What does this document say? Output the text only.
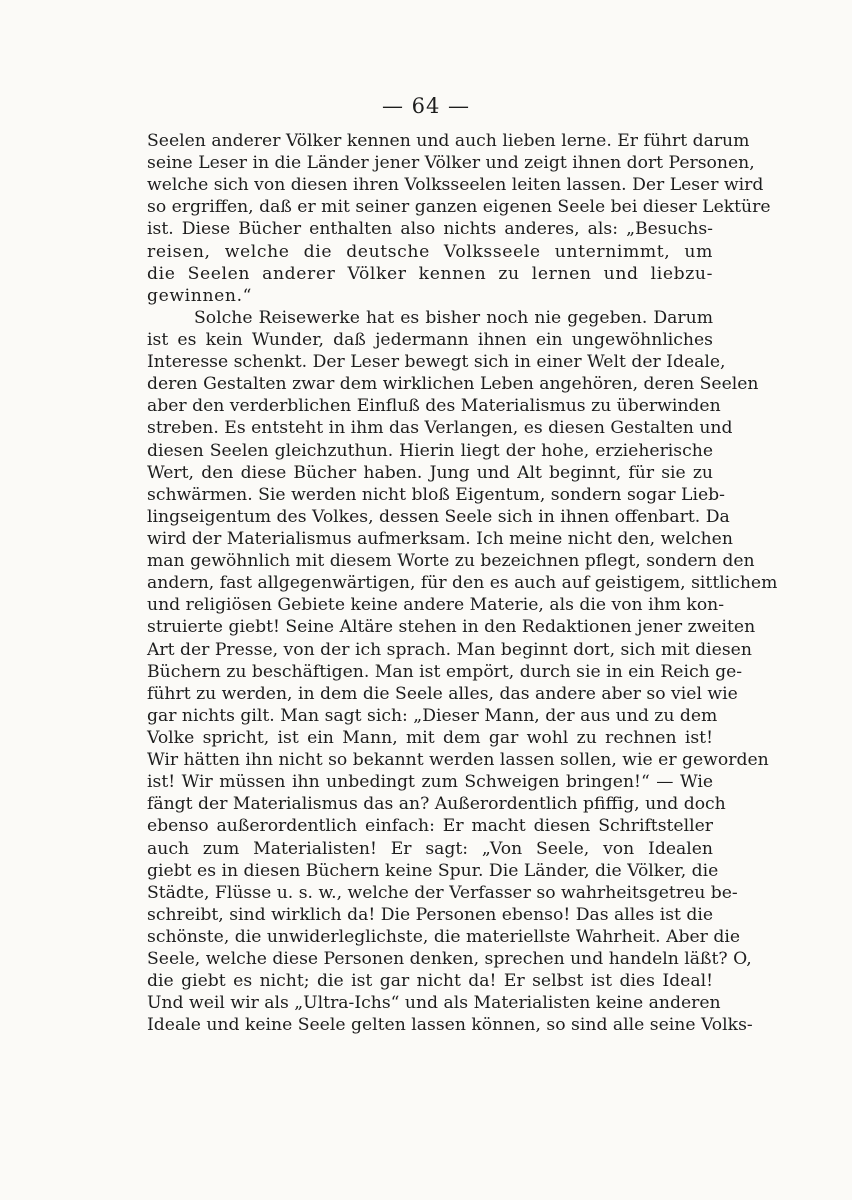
— 64 —
Seelen anderer Völker kennen und auch lieben lerne. Er führt darum
seine Leser in die Länder jener Völker und zeigt ihnen dort Personen,
welche sich von diesen ihren Volksseelen leiten lassen. Der Leser wird
so ergriffen, daß er mit seiner ganzen eigenen Seele bei dieser Lektüre
ist. Diese Bücher enthalten also nichts anderes, als: „Besuchs-
reisen, welche die deutsche Volksseele unternimmt, um
die Seelen anderer Völker kennen zu lernen und liebzu-
gewinnen.“
Solche Reisewerke hat es bisher noch nie gegeben. Darum
ist es kein Wunder, daß jedermann ihnen ein ungewöhnliches
Interesse schenkt. Der Leser bewegt sich in einer Welt der Ideale,
deren Gestalten zwar dem wirklichen Leben angehören, deren Seelen
aber den verderblichen Einfluß des Materialismus zu überwinden
streben. Es entsteht in ihm das Verlangen, es diesen Gestalten und
diesen Seelen gleichzuthun. Hierin liegt der hohe, erzieherische
Wert, den diese Bücher haben. Jung und Alt beginnt, für sie zu
schwärmen. Sie werden nicht bloß Eigentum, sondern sogar Lieb-
lingseigentum des Volkes, dessen Seele sich in ihnen offenbart. Da
wird der Materialismus aufmerksam. Ich meine nicht den, welchen
man gewöhnlich mit diesem Worte zu bezeichnen pflegt, sondern den
andern, fast allgegenwärtigen, für den es auch auf geistigem, sittlichem
und religiösen Gebiete keine andere Materie, als die von ihm kon-
struierte giebt! Seine Altäre stehen in den Redaktionen jener zweiten
Art der Presse, von der ich sprach. Man beginnt dort, sich mit diesen
Büchern zu beschäftigen. Man ist empört, durch sie in ein Reich ge-
führt zu werden, in dem die Seele alles, das andere aber so viel wie
gar nichts gilt. Man sagt sich: „Dieser Mann, der aus und zu dem
Volke spricht, ist ein Mann, mit dem gar wohl zu rechnen ist!
Wir hätten ihn nicht so bekannt werden lassen sollen, wie er geworden
ist! Wir müssen ihn unbedingt zum Schweigen bringen!“ — Wie
fängt der Materialismus das an? Außerordentlich pfiffig, und doch
ebenso außerordentlich einfach: Er macht diesen Schriftsteller
auch zum Materialisten! Er sagt: „Von Seele, von Idealen
giebt es in diesen Büchern keine Spur. Die Länder, die Völker, die
Städte, Flüsse u. s. w., welche der Verfasser so wahrheitsgetreu be-
schreibt, sind wirklich da! Die Personen ebenso! Das alles ist die
schönste, die unwiderleglichste, die materiellste Wahrheit. Aber die
Seele, welche diese Personen denken, sprechen und handeln läßt? O,
die giebt es nicht; die ist gar nicht da! Er selbst ist dies Ideal!
Und weil wir als „Ultra-Ichs“ und als Materialisten keine anderen
Ideale und keine Seele gelten lassen können, so sind alle seine Volks-
